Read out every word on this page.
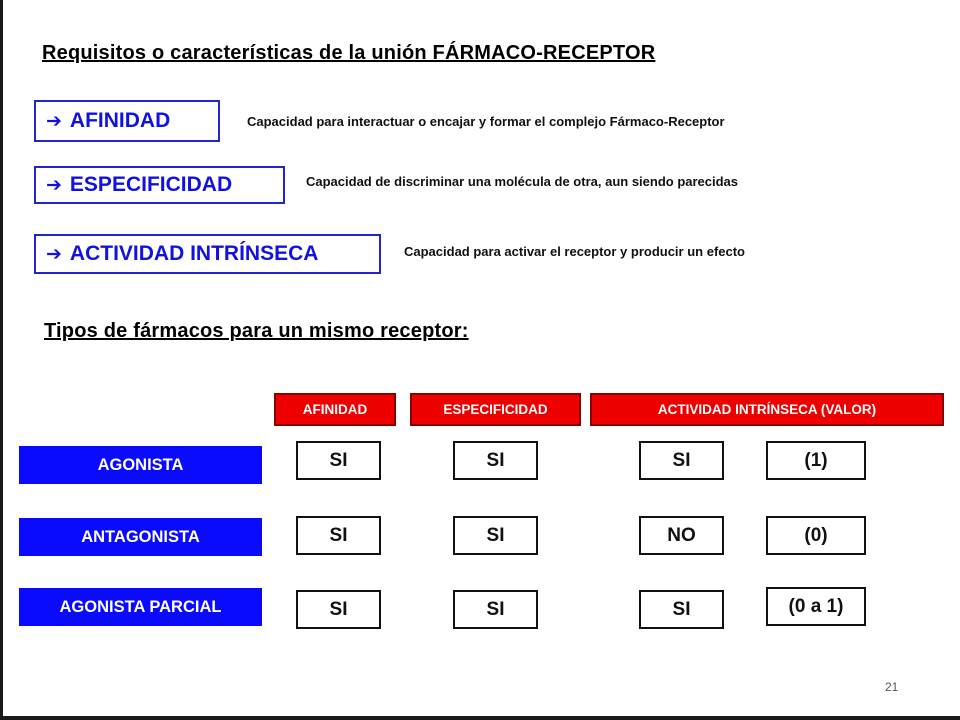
Requisitos o características de la unión FÁRMACO-RECEPTOR
➔ AFINIDAD	Capacidad para interactuar o encajar y formar el complejo Fármaco-Receptor
➔ ESPECIFICIDAD	Capacidad de discriminar una molécula de otra, aun siendo parecidas
➔ ACTIVIDAD INTRÍNSECA	Capacidad para activar el receptor y producir un efecto
Tipos de fármacos para un mismo receptor:
AFINIDAD	ESPECIFICIDAD	ACTIVIDAD INTRÍNSECA (VALOR)
AGONISTA	SI	SI	SI	(1)
ANTAGONISTA	SI	SI	NO	(0)
AGONISTA PARCIAL	SI	SI	SI	(0 a 1)
21
